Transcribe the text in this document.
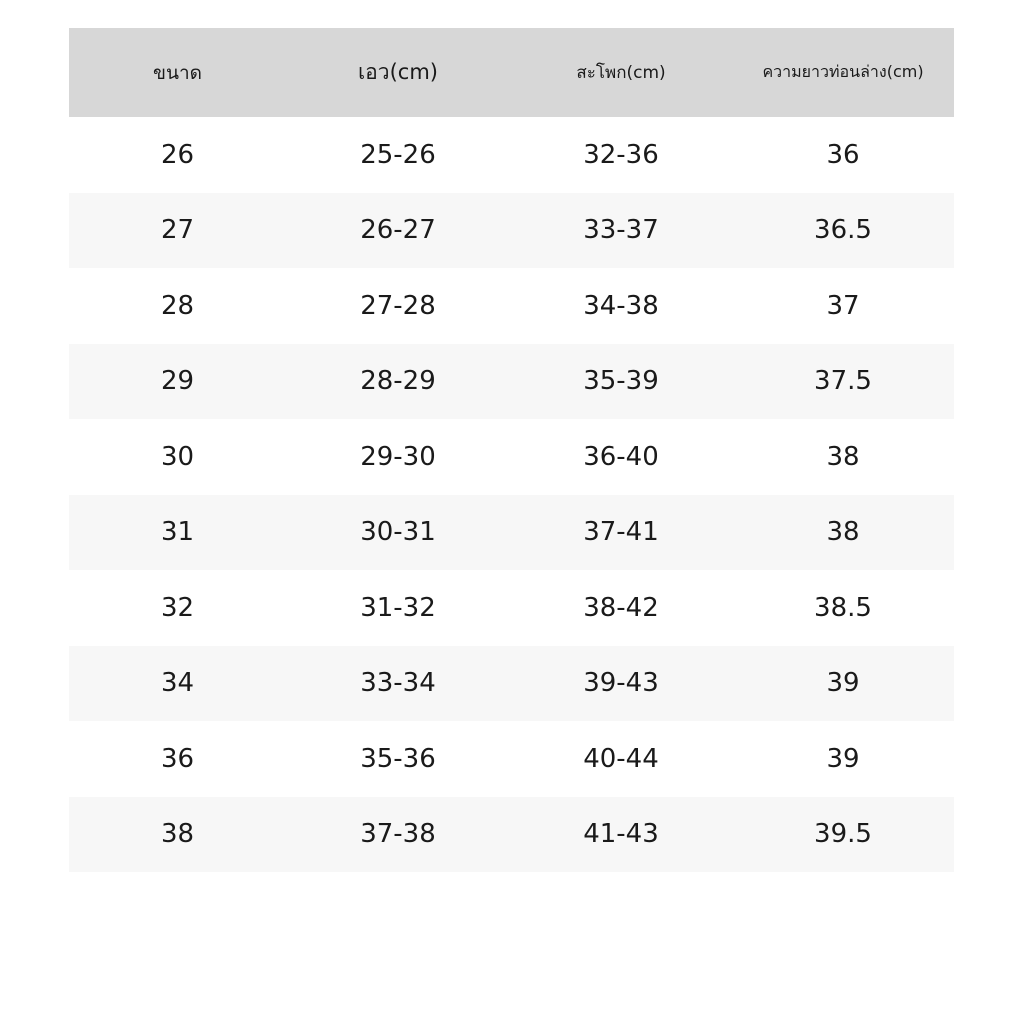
ขนาด	เอว(cm)	สะโพก(cm)	ความยาวท่อนล่าง(cm)
26	25-26	32-36	36
27	26-27	33-37	36.5
28	27-28	34-38	37
29	28-29	35-39	37.5
30	29-30	36-40	38
31	30-31	37-41	38
32	31-32	38-42	38.5
34	33-34	39-43	39
36	35-36	40-44	39
38	37-38	41-43	39.5
